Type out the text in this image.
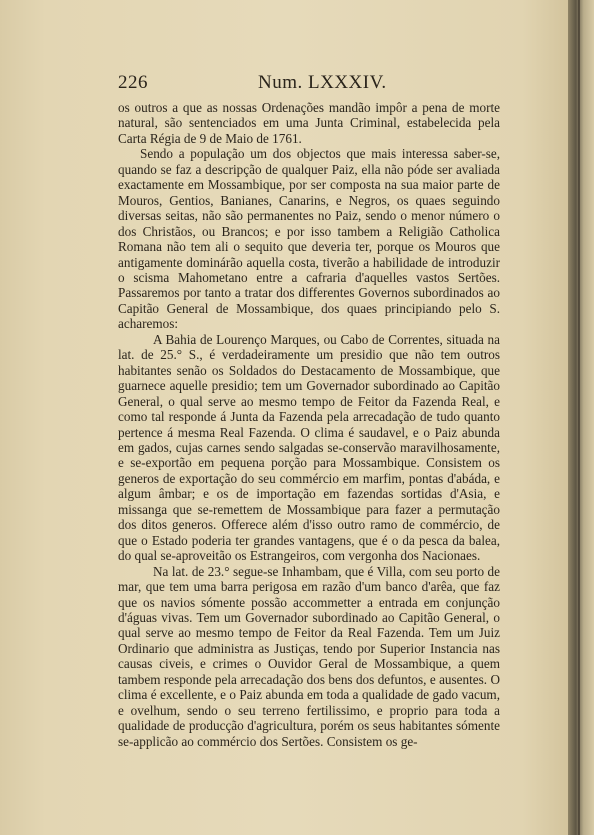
226	Num. LXXXIV.

os outros a que as nossas Ordenações mandão impôr a pena de morte natural, são sentenciados em uma Junta Criminal, estabelecida pela Carta Régia de 9 de Maio de 1761.

Sendo a população um dos objectos que mais interessa saber-se, quando se faz a descripção de qualquer Paiz, ella não póde ser avaliada exactamente em Mossambique, por ser composta na sua maior parte de Mouros, Gentios, Banianes, Canarins, e Negros, os quaes seguindo diversas seitas, não são permanentes no Paiz, sendo o menor número o dos Christãos, ou Brancos; e por isso tambem a Religião Catholica Romana não tem ali o sequito que deveria ter, porque os Mouros que antigamente dominárão aquella costa, tiverão a habilidade de introduzir o scisma Mahometano entre a cafraria d'aquelles vastos Sertões. Passaremos por tanto a tratar dos differentes Governos subordinados ao Capitão General de Mossambique, dos quaes principiando pelo S. acharemos:

A Bahia de Lourenço Marques, ou Cabo de Correntes, situada na lat. de 25.° S., é verdadeiramente um presidio que não tem outros habitantes senão os Soldados do Destacamento de Mossambique, que guarnece aquelle presidio; tem um Governador subordinado ao Capitão General, o qual serve ao mesmo tempo de Feitor da Fazenda Real, e como tal responde á Junta da Fazenda pela arrecadação de tudo quanto pertence á mesma Real Fazenda. O clima é saudavel, e o Paiz abunda em gados, cujas carnes sendo salgadas se-conservão maravilhosamente, e se-exportão em pequena porção para Mossambique. Consistem os generos de exportação do seu commércio em marfim, pontas d'abáda, e algum âmbar; e os de importação em fazendas sortidas d'Asia, e missanga que se-remettem de Mossambique para fazer a permutação dos ditos generos. Offerece além d'isso outro ramo de commércio, de que o Estado poderia ter grandes vantagens, que é o da pesca da balea, do qual se-aproveitão os Estrangeiros, com vergonha dos Nacionaes.

Na lat. de 23.° segue-se Inhambam, que é Villa, com seu porto de mar, que tem uma barra perigosa em razão d'um banco d'arêa, que faz que os navios sómente possão accommetter a entrada em conjunção d'águas vivas. Tem um Governador subordinado ao Capitão General, o qual serve ao mesmo tempo de Feitor da Real Fazenda. Tem um Juiz Ordinario que administra as Justiças, tendo por Superior Instancia nas causas civeis, e crimes o Ouvidor Geral de Mossambique, a quem tambem responde pela arrecadação dos bens dos defuntos, e ausentes. O clima é excellente, e o Paiz abunda em toda a qualidade de gado vacum, e ovelhum, sendo o seu terreno fertilissimo, e proprio para toda a qualidade de producção d'agricultura, porém os seus habitantes sómente se-applicão ao commércio dos Sertões. Consistem os ge-
